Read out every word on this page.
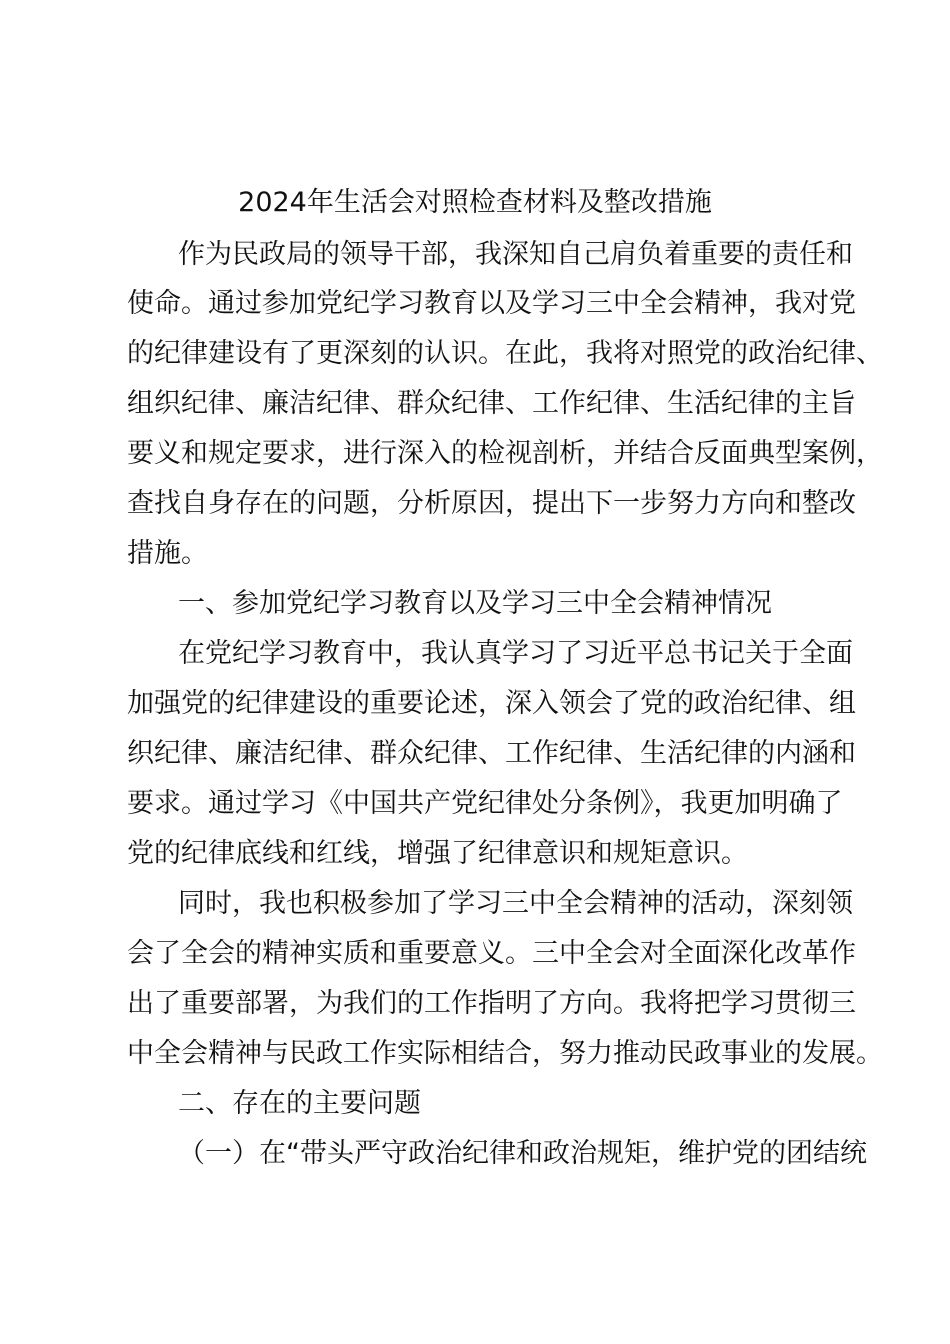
2024年生活会对照检查材料及整改措施
作为民政局的领导干部，我深知自己肩负着重要的责任和
使命。通过参加党纪学习教育以及学习三中全会精神，我对党
的纪律建设有了更深刻的认识。在此，我将对照党的政治纪律、
组织纪律、廉洁纪律、群众纪律、工作纪律、生活纪律的主旨
要义和规定要求，进行深入的检视剖析，并结合反面典型案例，
查找自身存在的问题，分析原因，提出下一步努力方向和整改
措施。
一、参加党纪学习教育以及学习三中全会精神情况
在党纪学习教育中，我认真学习了习近平总书记关于全面
加强党的纪律建设的重要论述，深入领会了党的政治纪律、组
织纪律、廉洁纪律、群众纪律、工作纪律、生活纪律的内涵和
要求。通过学习《中国共产党纪律处分条例》，我更加明确了
党的纪律底线和红线，增强了纪律意识和规矩意识。
同时，我也积极参加了学习三中全会精神的活动，深刻领
会了全会的精神实质和重要意义。三中全会对全面深化改革作
出了重要部署，为我们的工作指明了方向。我将把学习贯彻三
中全会精神与民政工作实际相结合，努力推动民政事业的发展。
二、存在的主要问题
（一）在“带头严守政治纪律和政治规矩，维护党的团结统
